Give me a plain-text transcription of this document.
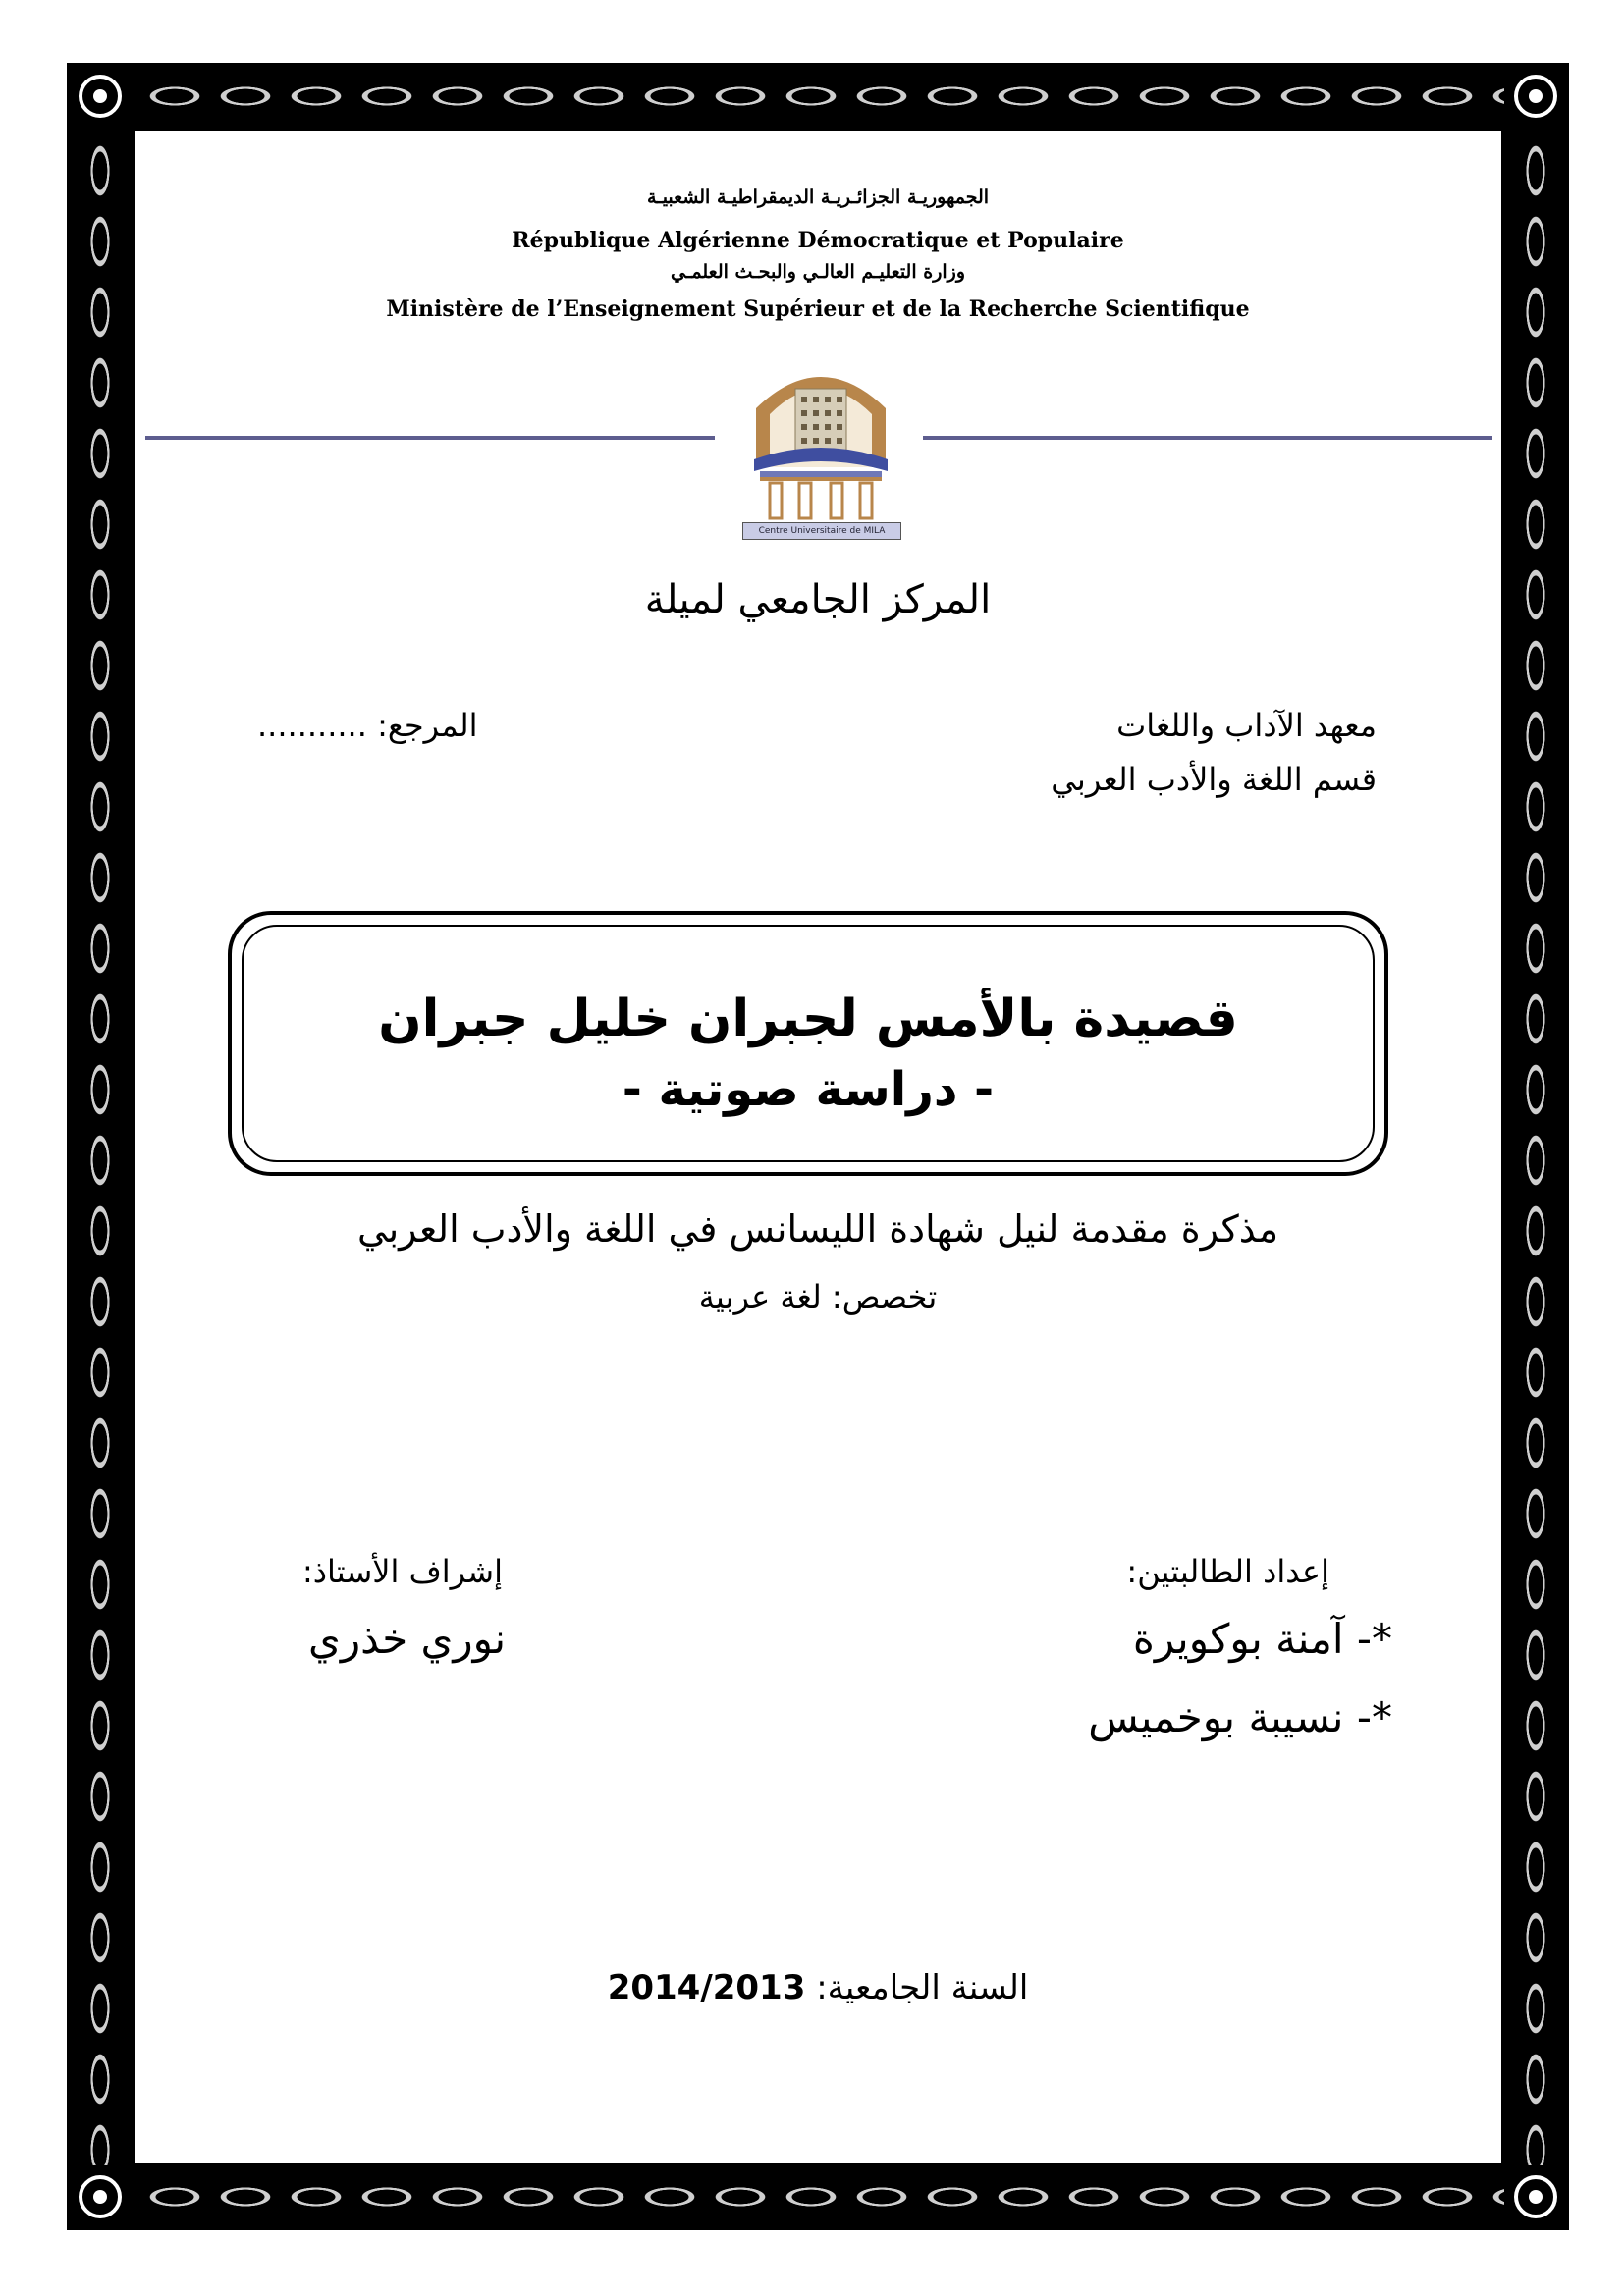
الجمهوريـة الجزائـريـة الديمقراطيـة الشعبيـة
République Algérienne Démocratique et Populaire
وزارة التعليـم العالـي والبحـث العلمـي
Ministère de l’Enseignement Supérieur et de la Recherche Scientifique
Centre Universitaire de MILA
المركز الجامعي لميلة
معهد الآداب واللغات
قسم اللغة والأدب العربي
المرجع: ...........
قصيدة بالأمس لجبران خليل جبران
- دراسة صوتية -
مذكرة مقدمة لنيل شهادة الليسانس في اللغة والأدب العربي
تخصص: لغة عربية
إعداد الطالبتين:
*- آمنة بوكويرة
*- نسيبة بوخميس
إشراف الأستاذ:
نوري خذري
السنة الجامعية: 2014/2013
